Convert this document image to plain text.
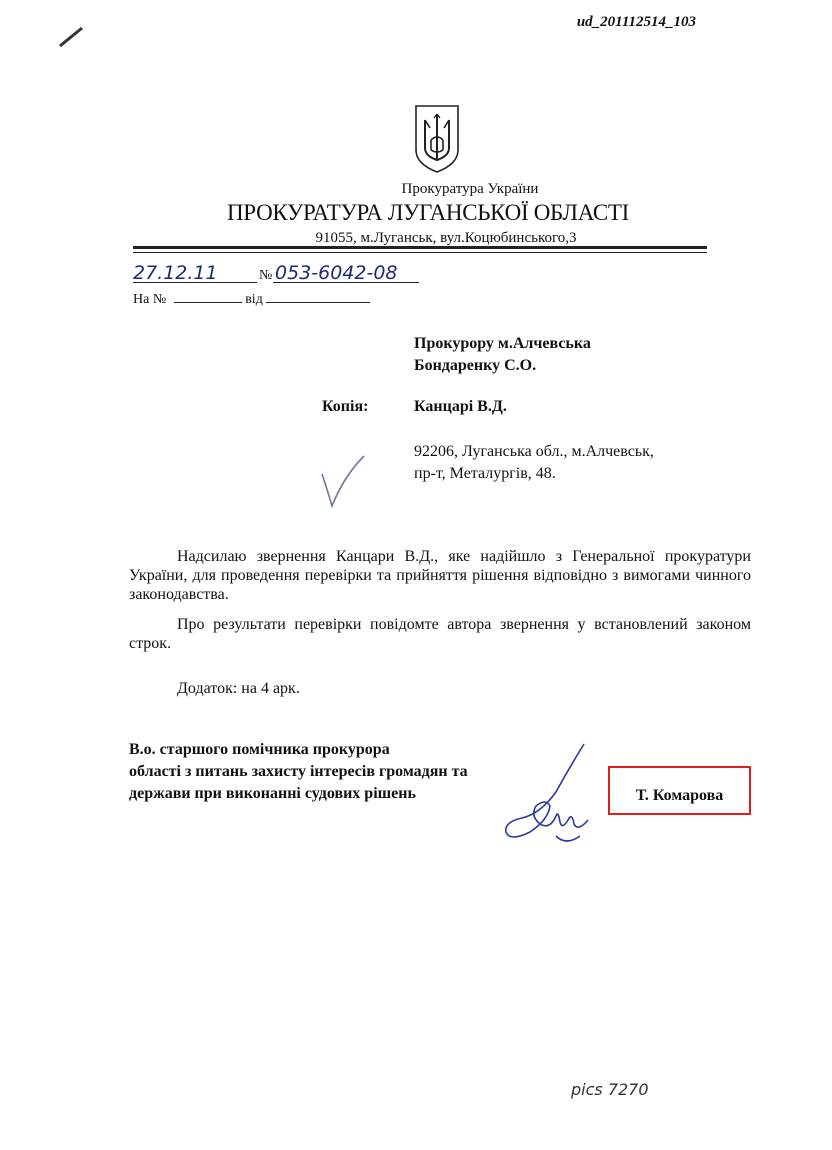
ud_201112514_103
Прокуратура України
ПРОКУРАТУРА ЛУГАНСЬКОЇ ОБЛАСТІ
91055, м.Луганськ, вул.Коцюбинського,3
27.12.11	№ 053-6042-08
На №	від
Прокурору м.Алчевська
Бондаренку С.О.
Копія:	Канцарі В.Д.
92206, Луганська обл., м.Алчевськ,
пр-т, Металургів, 48.
Надсилаю звернення Канцари В.Д., яке надійшло з Генеральної прокуратури України, для проведення перевірки та прийняття рішення відповідно з вимогами чинного законодавства.
Про результати перевірки повідомте автора звернення у встановлений законом строк.
Додаток: на 4 арк.
В.о. старшого помічника прокурора
області з питань захисту інтересів громадян та
держави при виконанні судових рішень	Т. Комарова
pics 7270
